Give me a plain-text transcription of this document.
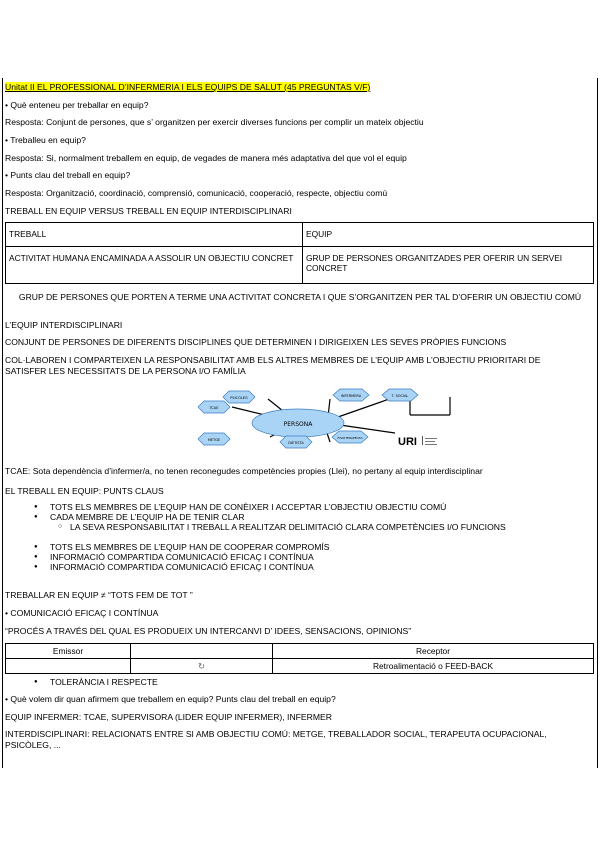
Unitat II EL PROFESSIONAL D’INFERMERIA I ELS EQUIPS DE SALUT (45 PREGUNTAS V/F)
• Què enteneu per treballar en equip?
Resposta: Conjunt de persones, que s’ organitzen per exercir diverses funcions per complir un mateix objectiu
• Treballeu en equip?
Resposta: Si, normalment treballem en equip, de vegades de manera més adaptativa del que vol el equip
• Punts clau del treball en equip?
Resposta: Organització, coordinació, comprensió, comunicació, cooperació, respecte, objectiu comú
TREBALL EN EQUIP VERSUS TREBALL EN EQUIP INTERDISCIPLINARI
TREBALL	EQUIP
ACTIVITAT HUMANA ENCAMINADA A ASSOLIR UN OBJECTIU CONCRET	GRUP DE PERSONES ORGANITZADES PER OFERIR UN SERVEI CONCRET
GRUP DE PERSONES QUE PORTEN A TERME UNA ACTIVITAT CONCRETA I QUE S’ORGANITZEN PER TAL D’OFERIR UN OBJECTIU COMÚ
L’EQUIP INTERDISCIPLINARI
CONJUNT DE PERSONES DE DIFERENTS DISCIPLINES QUE DETERMINEN I DIRIGEIXEN LES SEVES PRÒPIES FUNCIONS
COL·LABOREN I COMPARTEIXEN LA RESPONSABILITAT AMB ELS ALTRES MEMBRES DE L’EQUIP AMB L’OBJECTIU PRIORITARI DE SATISFER LES NECESSITATS DE LA PERSONA I/O FAMÍLIA
PERSONA
TCAE
PSICÒLEG	INFERMERA	T. SOCIAL
METGE
DIETISTA
FISIOTERAPEUTA	URI
TCAE: Sota dependència d’infermer/a, no tenen reconegudes competències propies (Llei), no pertany al equip interdisciplinar
EL TREBALL EN EQUIP: PUNTS CLAUS
● TOTS ELS MEMBRES DE L’EQUIP HAN DE CONÈIXER I ACCEPTAR L’OBJECTIU OBJECTIU COMÚ
● CADA MEMBRE DE L’EQUIP HA DE TENIR CLAR
○ LA SEVA RESPONSABILITAT I TREBALL A REALITZAR DELIMITACIÓ CLARA COMPETÈNCIES I/O FUNCIONS
● TOTS ELS MEMBRES DE L’EQUIP HAN DE COOPERAR COMPROMÍS
● INFORMACIÓ COMPARTIDA COMUNICACIÓ EFICAÇ I CONTÍNUA
● INFORMACIÓ COMPARTIDA COMUNICACIÓ EFICAÇ I CONTÍNUA
TREBALLAR EN EQUIP ≠ “TOTS FEM DE TOT ”
• COMUNICACIÓ EFICAÇ I CONTÍNUA
“PROCÉS A TRAVÉS DEL QUAL ES PRODUEIX UN INTERCANVI D’ IDEES, SENSACIONS, OPINIONS”
Emissor		Receptor
	↻	Retroalimentació o FEED-BACK
● TOLERÀNCIA I RESPECTE
• Què volem dir quan afirmem que treballem en equip? Punts clau del treball en equip?
EQUIP INFERMER: TCAE, SUPERVISORA (LIDER EQUIP INFERMER), INFERMER
INTERDISCIPLINARI: RELACIONATS ENTRE SI AMB OBJECTIU COMÚ: METGE, TREBALLADOR SOCIAL, TERAPEUTA OCUPACIONAL, PSICÒLEG, ...
